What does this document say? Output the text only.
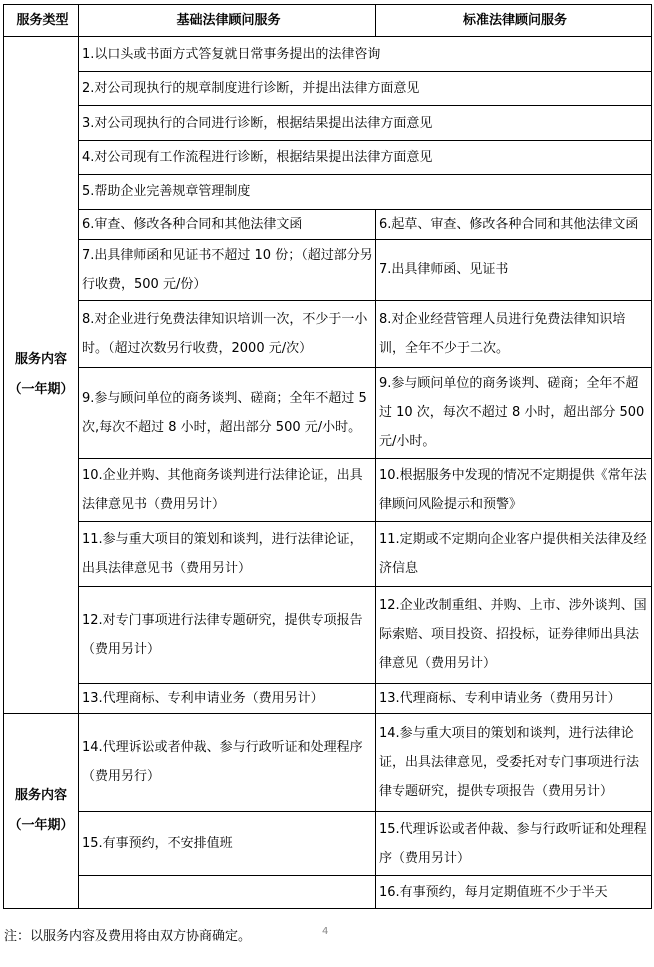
服务类型	基础法律顾问服务	标准法律顾问服务

服务内容
（一年期）	1.以口头或书面方式答复就日常事务提出的法律咨询	
	2.对公司现执行的规章制度进行诊断，并提出法律方面意见	
	3.对公司现执行的合同进行诊断，根据结果提出法律方面意见	
	4.对公司现有工作流程进行诊断，根据结果提出法律方面意见	
	5.帮助企业完善规章管理制度	
	6.审查、修改各种合同和其他法律文函	6.起草、审查、修改各种合同和其他法律文函
	7.出具律师函和见证书不超过 10 份；（超过部分另行收费，500 元/份）	7.出具律师函、见证书
	8.对企业进行免费法律知识培训一次，不少于一小时。（超过次数另行收费，2000 元/次）	8.对企业经营管理人员进行免费法律知识培训，全年不少于二次。
	9.参与顾问单位的商务谈判、磋商；全年不超过 5 次,每次不超过 8 小时，超出部分 500 元/小时。	9.参与顾问单位的商务谈判、磋商；全年不超过 10 次，每次不超过 8 小时，超出部分 500元/小时。
	10.企业并购、其他商务谈判进行法律论证，出具法律意见书（费用另计）	10.根据服务中发现的情况不定期提供《常年法律顾问风险提示和预警》
	11.参与重大项目的策划和谈判，进行法律论证，出具法律意见书（费用另计）	11.定期或不定期向企业客户提供相关法律及经济信息
	12.对专门事项进行法律专题研究，提供专项报告（费用另计）	12.企业改制重组、并购、上市、涉外谈判、国际索赔、项目投资、招投标，证券律师出具法律意见（费用另计）
	13.代理商标、专利申请业务（费用另计）	13.代理商标、专利申请业务（费用另计）

服务内容
（一年期）	14.代理诉讼或者仲裁、参与行政听证和处理程序（费用另行）	14.参与重大项目的策划和谈判，进行法律论证，出具法律意见，受委托对专门事项进行法律专题研究，提供专项报告（费用另计）
	15.有事预约，不安排值班	15.代理诉讼或者仲裁、参与行政听证和处理程序（费用另计）
		16.有事预约，每月定期值班不少于半天
注：以服务内容及费用将由双方协商确定。	4
